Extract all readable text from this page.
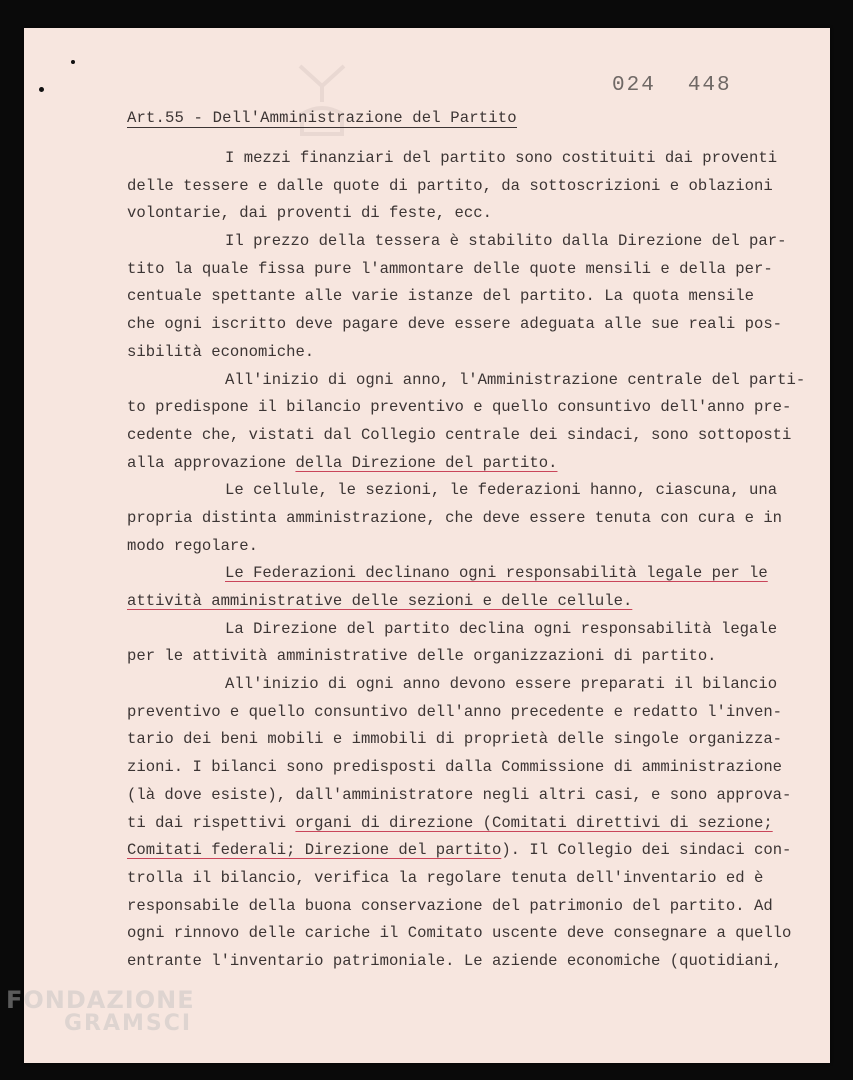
024 448
Art.55 - Dell'Amministrazione del Partito
I mezzi finanziari del partito sono costituiti dai proventi
delle tessere e dalle quote di partito, da sottoscrizioni e oblazioni
volontarie, dai proventi di feste, ecc.
Il prezzo della tessera è stabilito dalla Direzione del par-
tito la quale fissa pure l'ammontare delle quote mensili e della per-
centuale spettante alle varie istanze del partito. La quota mensile
che ogni iscritto deve pagare deve essere adeguata alle sue reali pos-
sibilità economiche.
All'inizio di ogni anno, l'Amministrazione centrale del parti-
to predispone il bilancio preventivo e quello consuntivo dell'anno pre-
cedente che, vistati dal Collegio centrale dei sindaci, sono sottoposti
alla approvazione della Direzione del partito.
Le cellule, le sezioni, le federazioni hanno, ciascuna, una
propria distinta amministrazione, che deve essere tenuta con cura e in
modo regolare.
Le Federazioni declinano ogni responsabilità legale per le
attività amministrative delle sezioni e delle cellule.
La Direzione del partito declina ogni responsabilità legale
per le attività amministrative delle organizzazioni di partito.
All'inizio di ogni anno devono essere preparati il bilancio
preventivo e quello consuntivo dell'anno precedente e redatto l'inven-
tario dei beni mobili e immobili di proprietà delle singole organizza-
zioni. I bilanci sono predisposti dalla Commissione di amministrazione
(là dove esiste), dall'amministratore negli altri casi, e sono approva-
ti dai rispettivi organi di direzione (Comitati direttivi di sezione;
Comitati federali; Direzione del partito). Il Collegio dei sindaci con-
trolla il bilancio, verifica la regolare tenuta dell'inventario ed è
responsabile della buona conservazione del patrimonio del partito. Ad
ogni rinnovo delle cariche il Comitato uscente deve consegnare a quello
entrante l'inventario patrimoniale. Le aziende economiche (quotidiani,
FONDAZIONE
GRAMSCI
